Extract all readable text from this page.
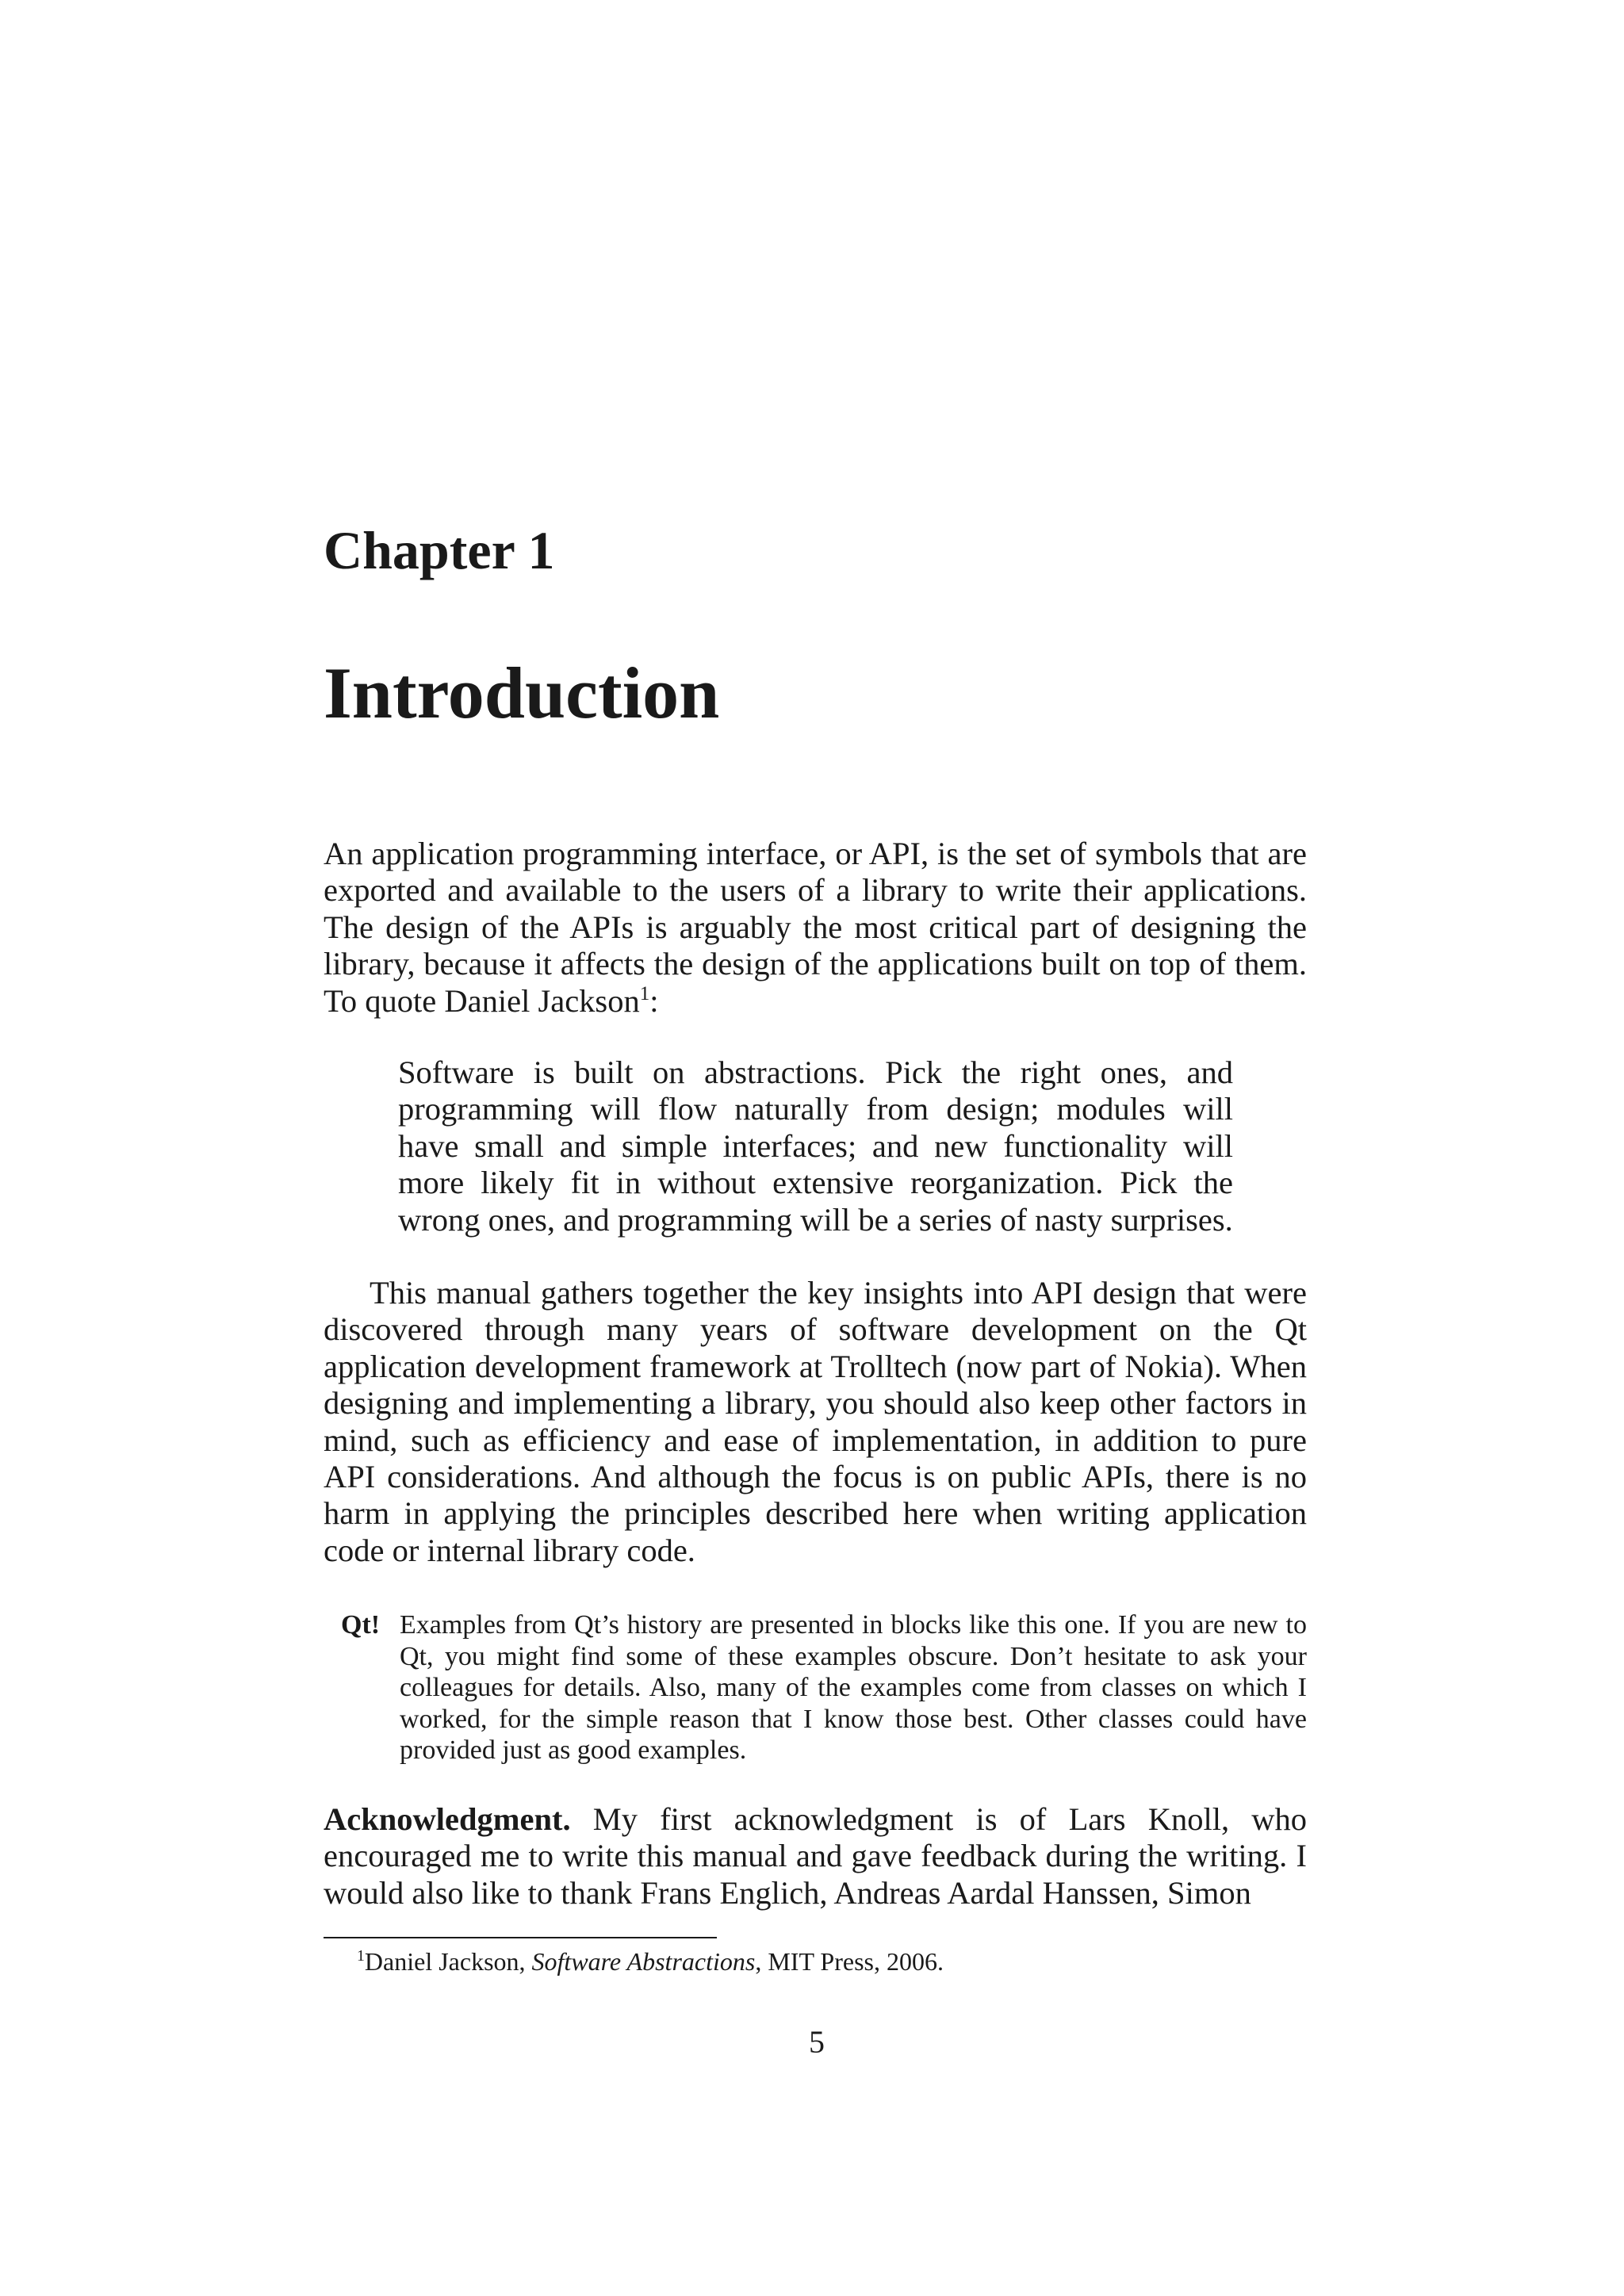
Chapter 1
Introduction

An application programming interface, or API, is the set of symbols that are exported and available to the users of a library to write their applications. The design of the APIs is arguably the most critical part of designing the library, because it affects the design of the applications built on top of them. To quote Daniel Jackson$^1$:

Software is built on abstractions. Pick the right ones, and programming will flow naturally from design; modules will have small and simple interfaces; and new functionality will more likely fit in without extensive reorganization. Pick the wrong ones, and programming will be a series of nasty surprises.

This manual gathers together the key insights into API design that were discovered through many years of software development on the Qt application development framework at Trolltech (now part of Nokia). When designing and implementing a library, you should also keep other factors in mind, such as efficiency and ease of implementation, in addition to pure API considerations. And although the focus is on public APIs, there is no harm in applying the principles described here when writing application code or internal library code.

Qt! Examples from Qt’s history are presented in blocks like this one. If you are new to Qt, you might find some of these examples obscure. Don’t hesitate to ask your colleagues for details. Also, many of the examples come from classes on which I worked, for the simple reason that I know those best. Other classes could have provided just as good examples.

Acknowledgment. My first acknowledgment is of Lars Knoll, who encouraged me to write this manual and gave feedback during the writing. I would also like to thank Frans Englich, Andreas Aardal Hanssen, Simon

$^1$Daniel Jackson, Software Abstractions, MIT Press, 2006.
5
